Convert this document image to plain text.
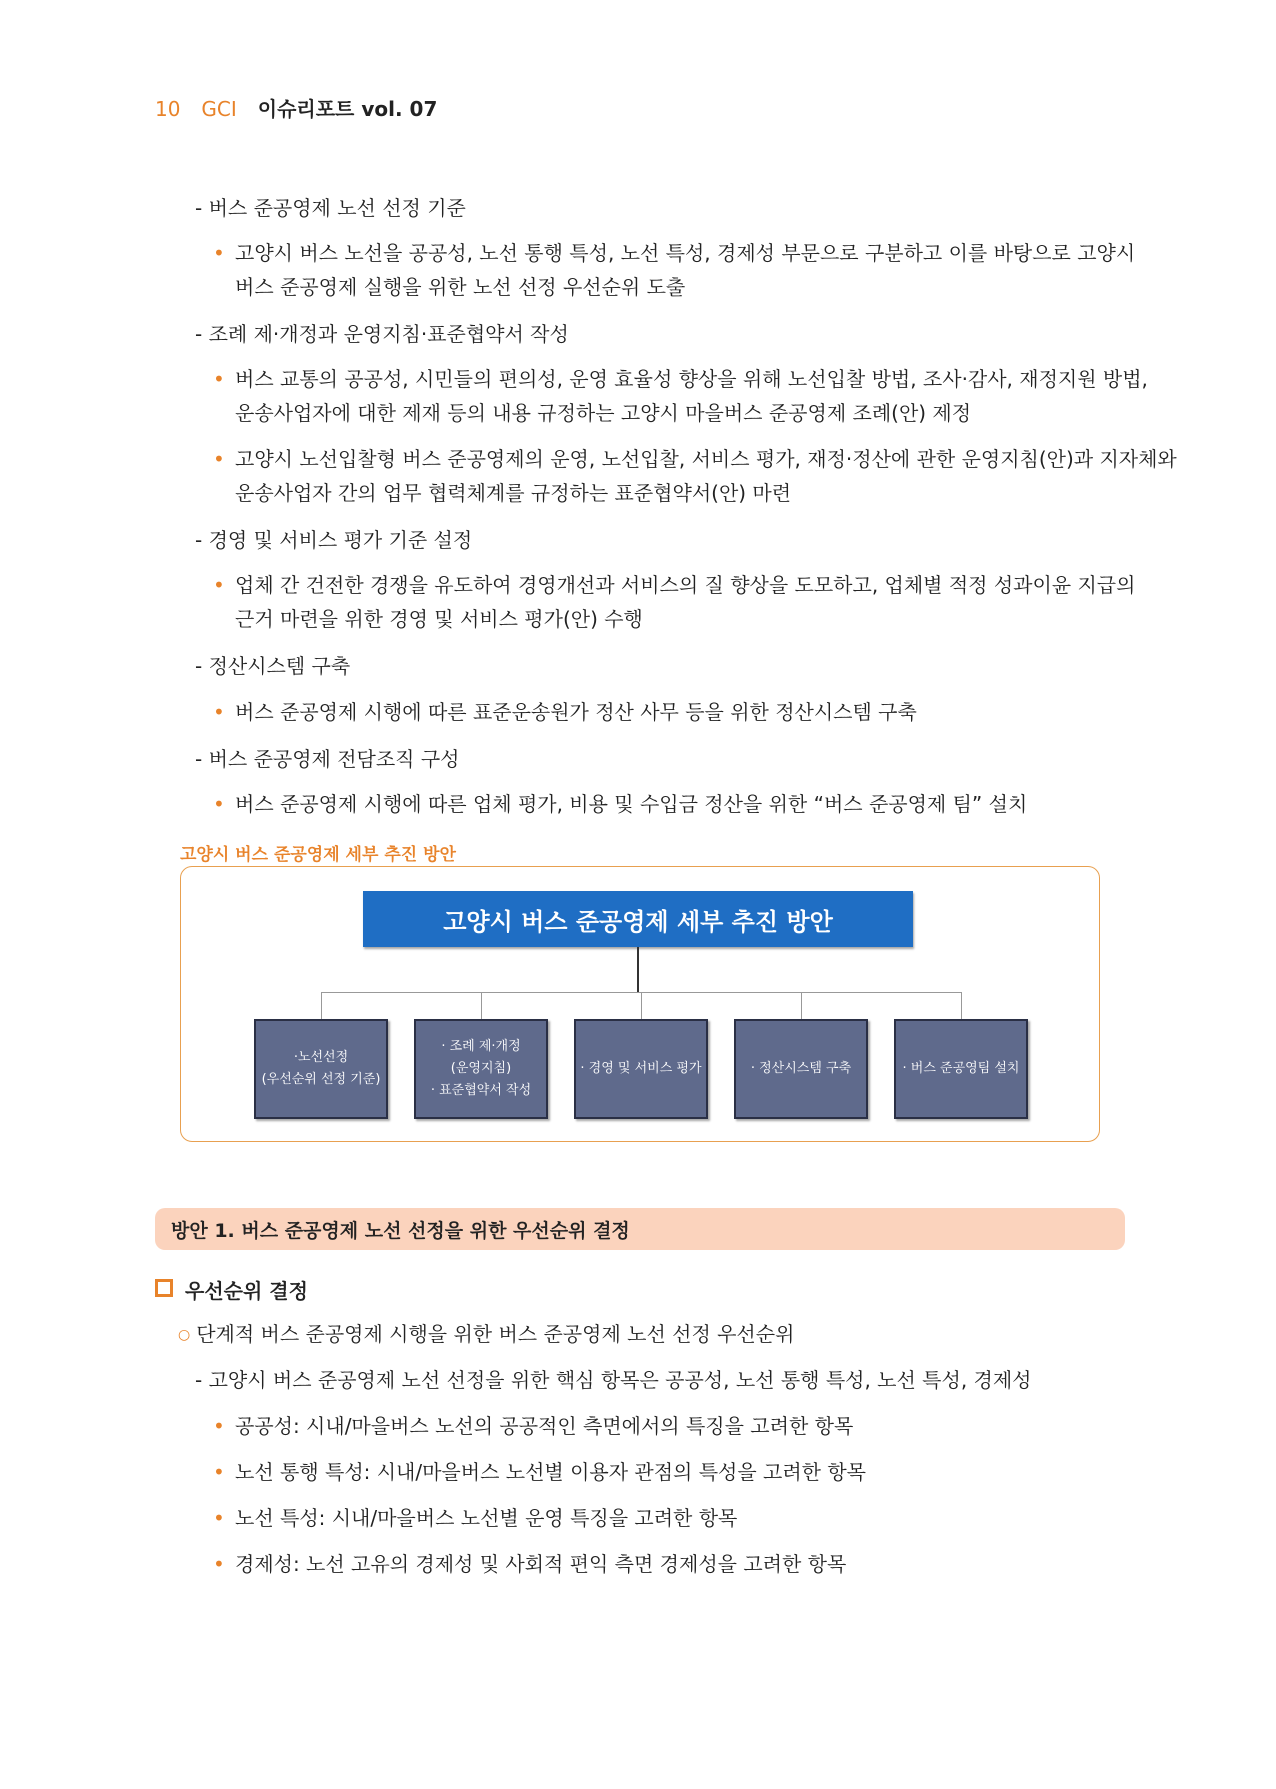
10 GCI 이슈리포트 vol. 07
- 버스 준공영제 노선 선정 기준
• 고양시 버스 노선을 공공성, 노선 통행 특성, 노선 특성, 경제성 부문으로 구분하고 이를 바탕으로 고양시
버스 준공영제 실행을 위한 노선 선정 우선순위 도출
- 조례 제·개정과 운영지침·표준협약서 작성
• 버스 교통의 공공성, 시민들의 편의성, 운영 효율성 향상을 위해 노선입찰 방법, 조사·감사, 재정지원 방법,
운송사업자에 대한 제재 등의 내용 규정하는 고양시 마을버스 준공영제 조례(안) 제정
• 고양시 노선입찰형 버스 준공영제의 운영, 노선입찰, 서비스 평가, 재정·정산에 관한 운영지침(안)과 지자체와
운송사업자 간의 업무 협력체계를 규정하는 표준협약서(안) 마련
- 경영 및 서비스 평가 기준 설정
• 업체 간 건전한 경쟁을 유도하여 경영개선과 서비스의 질 향상을 도모하고, 업체별 적정 성과이윤 지급의
근거 마련을 위한 경영 및 서비스 평가(안) 수행
- 정산시스템 구축
• 버스 준공영제 시행에 따른 표준운송원가 정산 사무 등을 위한 정산시스템 구축
- 버스 준공영제 전담조직 구성
• 버스 준공영제 시행에 따른 업체 평가, 비용 및 수입금 정산을 위한 “버스 준공영제 팀” 설치
고양시 버스 준공영제 세부 추진 방안
고양시 버스 준공영제 세부 추진 방안
·노선선정
(우선순위 선정 기준)
· 조례 제·개정
(운영지침)
· 표준협약서 작성
· 경영 및 서비스 평가	· 정산시스템 구축	· 버스 준공영팀 설치
방안 1. 버스 준공영제 노선 선정을 위한 우선순위 결정
우선순위 결정
○ 단계적 버스 준공영제 시행을 위한 버스 준공영제 노선 선정 우선순위
- 고양시 버스 준공영제 노선 선정을 위한 핵심 항목은 공공성, 노선 통행 특성, 노선 특성, 경제성
• 공공성: 시내/마을버스 노선의 공공적인 측면에서의 특징을 고려한 항목
• 노선 통행 특성: 시내/마을버스 노선별 이용자 관점의 특성을 고려한 항목
• 노선 특성: 시내/마을버스 노선별 운영 특징을 고려한 항목
• 경제성: 노선 고유의 경제성 및 사회적 편익 측면 경제성을 고려한 항목
